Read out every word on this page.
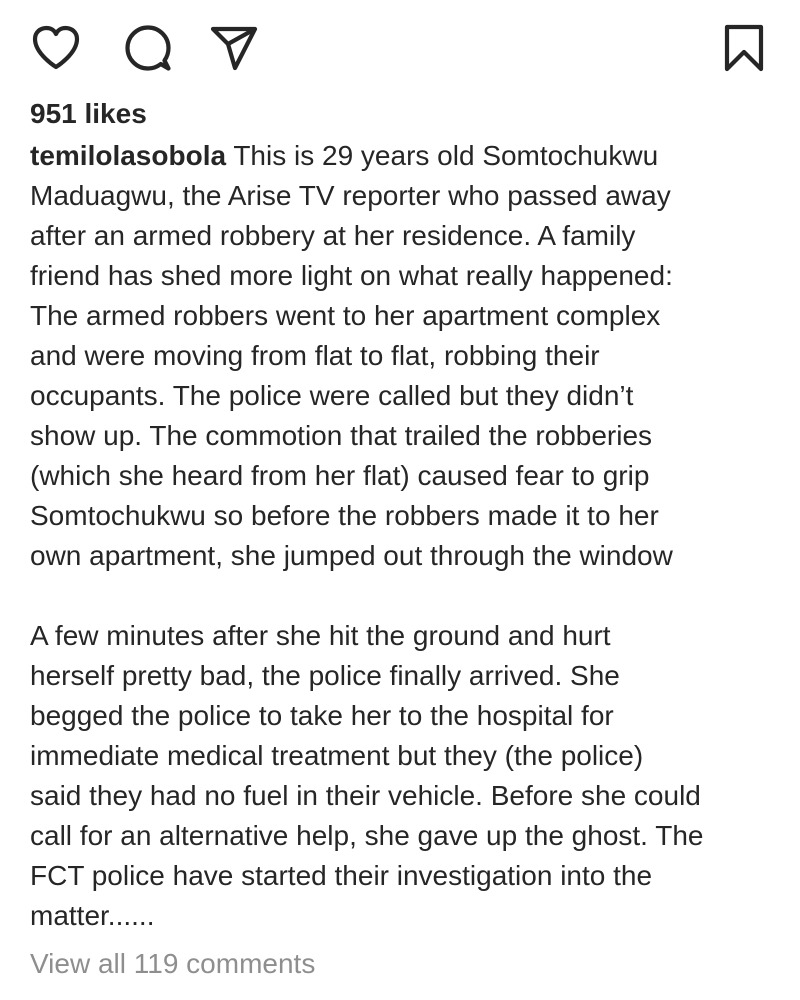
951 likes

temilolasobola This is 29 years old Somtochukwu

Maduagwu, the Arise TV reporter who passed away

after an armed robbery at her residence. A family

friend has shed more light on what really happened:

The armed robbers went to her apartment complex

and were moving from flat to flat, robbing their

occupants. The police were called but they didn’t

show up. The commotion that trailed the robberies

(which she heard from her flat) caused fear to grip

Somtochukwu so before the robbers made it to her

own apartment, she jumped out through the window

A few minutes after she hit the ground and hurt

herself pretty bad, the police finally arrived. She

begged the police to take her to the hospital for

immediate medical treatment but they (the police)

said they had no fuel in their vehicle. Before she could

call for an alternative help, she gave up the ghost. The

FCT police have started their investigation into the

matter......

View all 119 comments
